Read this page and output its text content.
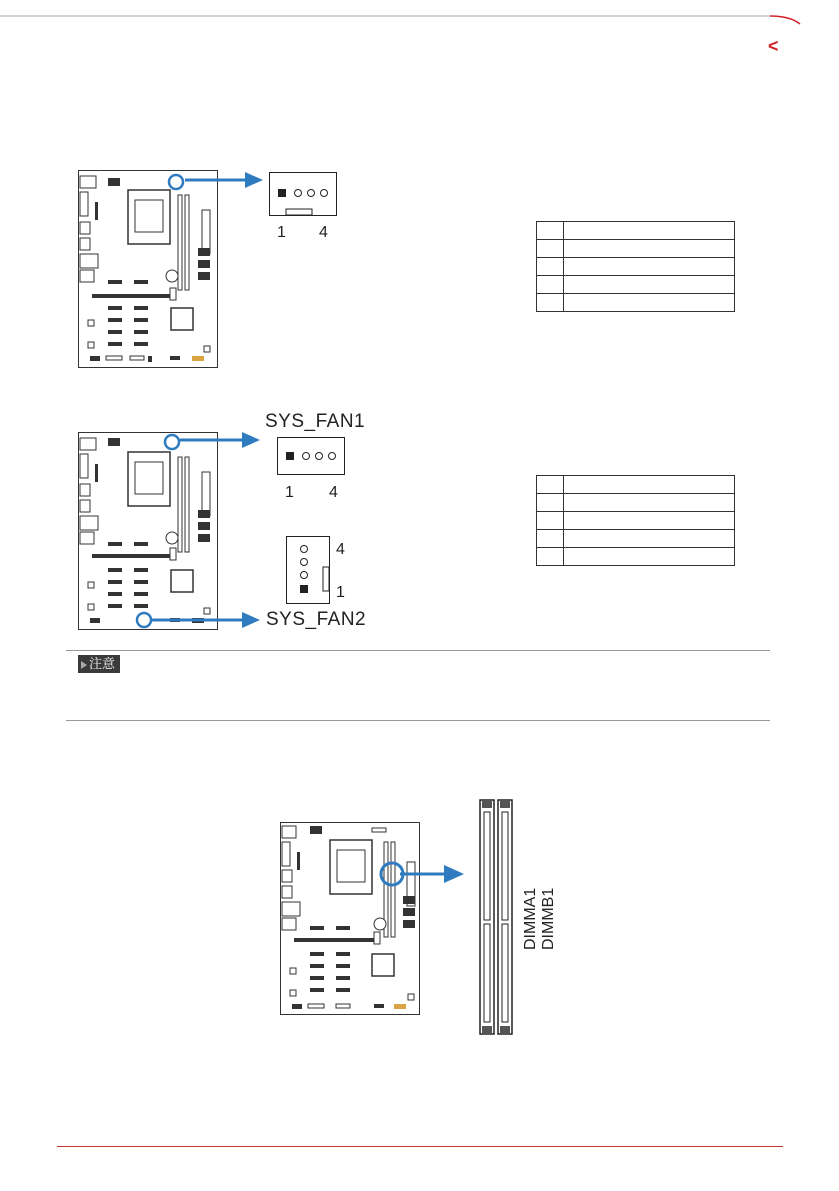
<
1 4

SYS_FAN1
1 4
4
1
SYS_FAN2

注意
DIMMA1 DIMMB1
